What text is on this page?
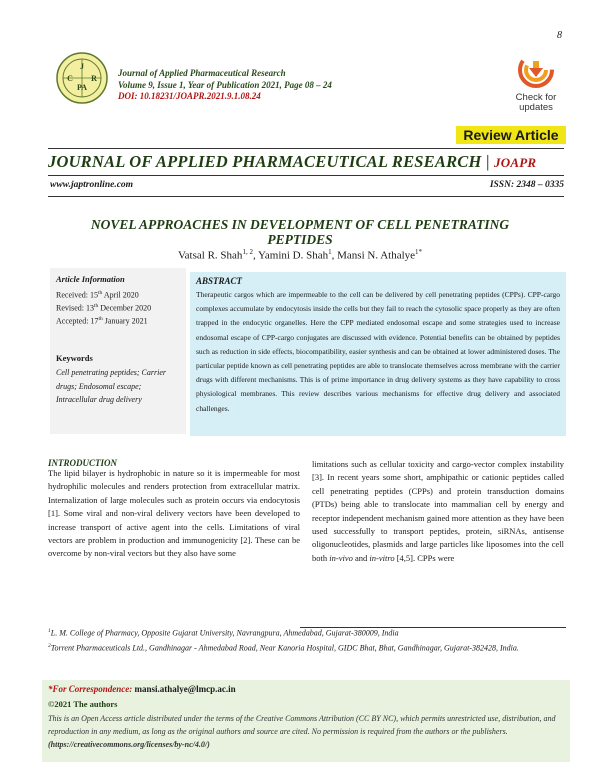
8
J
C
PA
R
Journal of Applied Pharmaceutical Research
Volume 9, Issue 1, Year of Publication 2021, Page 08 – 24
DOI: 10.18231/JOAPR.2021.9.1.08.24	Check for
updates
Review Article
JOURNAL OF APPLIED PHARMACEUTICAL RESEARCH | JOAPR
www.japtronline.com	ISSN: 2348 – 0335
NOVEL APPROACHES IN DEVELOPMENT OF CELL PENETRATING PEPTIDES
Vatsal R. Shah$^{1, 2}$, Yamini D. Shah$^1$, Mansi N. Athalye$^{1*}$
Article Information
Received: 15th April 2020
Revised: 13th December 2020
Accepted: 17th January 2021
Keywords
Cell penetrating peptides; Carrier drugs; Endosomal escape; Intracellular drug delivery
ABSTRACT
Therapeutic cargos which are impermeable to the cell can be delivered by cell penetrating peptides (CPPs). CPP-cargo complexes accumulate by endocytosis inside the cells but they fail to reach the cytosolic space properly as they are often trapped in the endocytic organelles. Here the CPP mediated endosomal escape and some strategies used to increase endosomal escape of CPP-cargo conjugates are discussed with evidence. Potential benefits can be obtained by peptides such as reduction in side effects, biocompatibility, easier synthesis and can be obtained at lower administered doses. The particular peptide known as cell penetrating peptides are able to translocate themselves across membrane with the carrier drugs with different mechanisms. This is of prime importance in drug delivery systems as they have capability to cross physiological membranes. This review describes various mechanisms for effective drug delivery and associated challenges.
INTRODUCTION
The lipid bilayer is hydrophobic in nature so it is impermeable for most hydrophilic molecules and renders protection from extracellular matrix. Internalization of large molecules such as protein occurs via endocytosis [1]. Some viral and non-viral delivery vectors have been developed to increase transport of active agent into the cells. Limitations of viral vectors are problem in production and immunogenicity [2]. These can be overcome by non-viral vectors but they also have some
limitations such as cellular toxicity and cargo-vector complex instability [3]. In recent years some short, amphipathic or cationic peptides called cell penetrating peptides (CPPs) and protein transduction domains (PTDs) being able to translocate into mammalian cell by energy and receptor independent mechanism gained more attention as they have been used successfully to transport peptides, protein, siRNAs, antisense oligonucleotides, plasmids and large particles like liposomes into the cell both in-vivo and in-vitro [4,5]. CPPs were
$^1$L. M. College of Pharmacy, Opposite Gujarat University, Navrangpura, Ahmedabad, Gujarat-380009, India
$^2$Torrent Pharmaceuticals Ltd., Gandhinagar - Ahmedabad Road, Near Kanoria Hospital, GIDC Bhat, Bhat, Gandhinagar, Gujarat-382428, India.
*For Correspondence: mansi.athalye@lmcp.ac.in
©2021 The authors
This is an Open Access article distributed under the terms of the Creative Commons Attribution (CC BY NC), which permits unrestricted use, distribution, and reproduction in any medium, as long as the original authors and source are cited. No permission is required from the authors or the publishers. (https://creativecommons.org/licenses/by-nc/4.0/)
